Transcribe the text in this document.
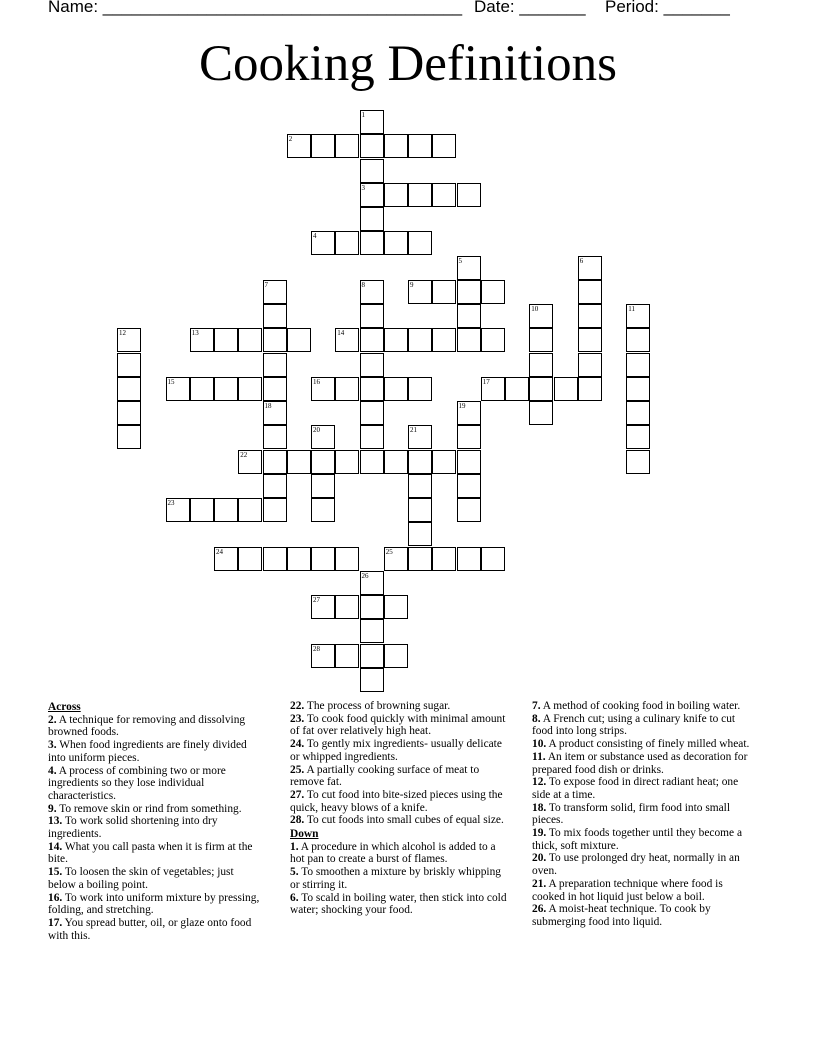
Name: ______________________________________ Date: _______ Period: _______
Cooking Definitions
1
2
3
4
5	6
7	8	9
10	11
12	13	14
15	16	17
18	19
20	21
22
23
24	25
26
27
28
Across

2. A technique for removing and dissolving browned foods.

3. When food ingredients are finely divided into uniform pieces.

4. A process of combining two or more ingredients so they lose individual characteristics.

9. To remove skin or rind from something.

13. To work solid shortening into dry ingredients.

14. What you call pasta when it is firm at the bite.

15. To loosen the skin of vegetables; just below a boiling point.

16. To work into uniform mixture by pressing, folding, and stretching.

17. You spread butter, oil, or glaze onto food with this.

22. The process of browning sugar.

23. To cook food quickly with minimal amount of fat over relatively high heat.

24. To gently mix ingredients- usually delicate or whipped ingredients.

25. A partially cooking surface of meat to remove fat.

27. To cut food into bite-sized pieces using the quick, heavy blows of a knife.

28. To cut foods into small cubes of equal size.

Down

1. A procedure in which alcohol is added to a hot pan to create a burst of flames.

5. To smoothen a mixture by briskly whipping or stirring it.

6. To scald in boiling water, then stick into cold water; shocking your food.

7. A method of cooking food in boiling water.

8. A French cut; using a culinary knife to cut food into long strips.

10. A product consisting of finely milled wheat.

11. An item or substance used as decoration for prepared food dish or drinks.

12. To expose food in direct radiant heat; one side at a time.

18. To transform solid, firm food into small pieces.

19. To mix foods together until they become a thick, soft mixture.

20. To use prolonged dry heat, normally in an oven.

21. A preparation technique where food is cooked in hot liquid just below a boil.

26. A moist-heat technique. To cook by submerging food into liquid.
